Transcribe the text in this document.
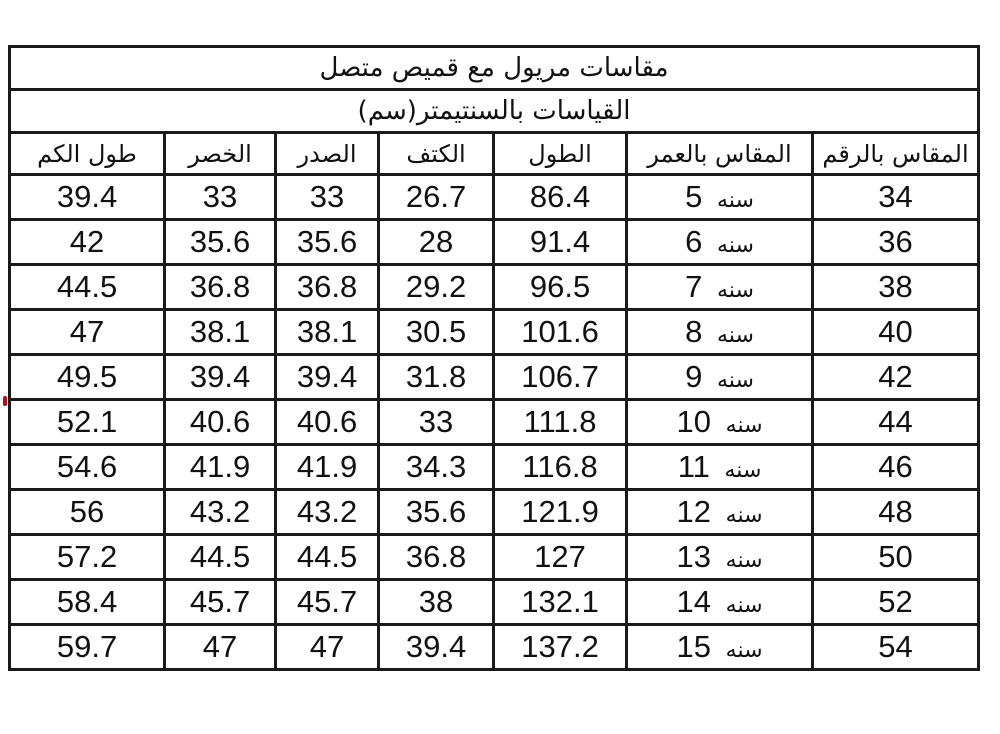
مقاسات مريول مع قميص متصل						
القياسات بالسنتيمتر(سم)						
المقاس بالرقم	المقاس بالعمر	الطول	الكتف	الصدر	الخصر	طول الكم
34	سنه 5	86.4	26.7	33	33	39.4
36	سنه 6	91.4	28	35.6	35.6	42
38	سنه 7	96.5	29.2	36.8	36.8	44.5
40	سنه 8	101.6	30.5	38.1	38.1	47
42	سنه 9	106.7	31.8	39.4	39.4	49.5
44	سنه 10	111.8	33	40.6	40.6	52.1
46	سنه 11	116.8	34.3	41.9	41.9	54.6
48	سنه 12	121.9	35.6	43.2	43.2	56
50	سنه 13	127	36.8	44.5	44.5	57.2
52	سنه 14	132.1	38	45.7	45.7	58.4
54	سنه 15	137.2	39.4	47	47	59.7
